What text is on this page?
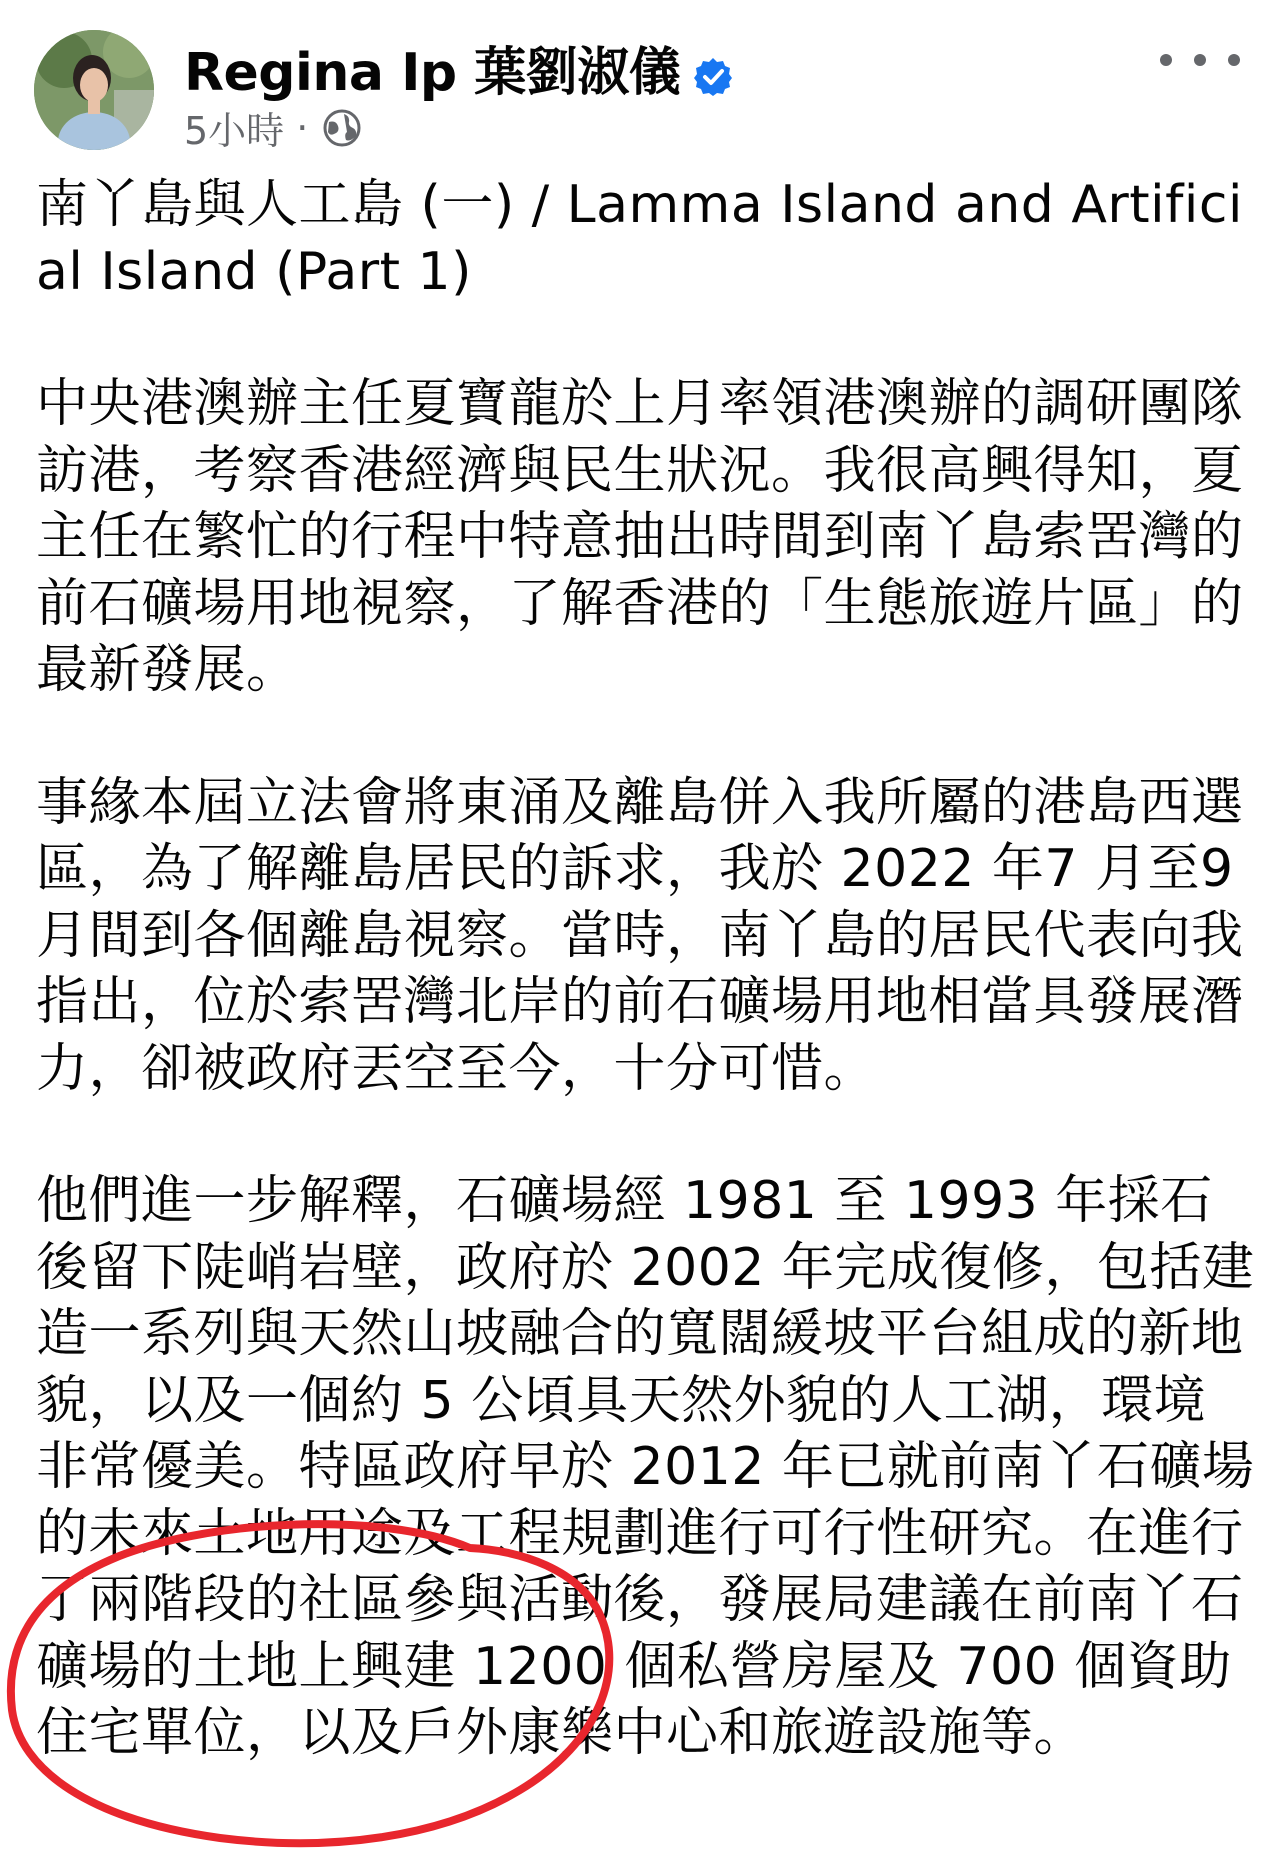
Regina Ip 葉劉淑儀
5小時 ·

南丫島與人工島 (一) / Lamma Island and Artificial Island (Part 1)

中央港澳辦主任夏寶龍於上月率領港澳辦的調研團隊訪港，考察香港經濟與民生狀況。我很高興得知，夏主任在繁忙的行程中特意抽出時間到南丫島索罟灣的前石礦場用地視察，了解香港的「生態旅遊片區」的最新發展。

事緣本屆立法會將東涌及離島併入我所屬的港島西選區，為了解離島居民的訴求，我於 2022 年7 月至9 月間到各個離島視察。當時，南丫島的居民代表向我指出，位於索罟灣北岸的前石礦場用地相當具發展潛力，卻被政府丟空至今，十分可惜。

他們進一步解釋，石礦場經 1981 至 1993 年採石後留下陡峭岩壁，政府於 2002 年完成復修，包括建造一系列與天然山坡融合的寬闊緩坡平台組成的新地貌，以及一個約 5 公頃具天然外貌的人工湖，環境非常優美。特區政府早於 2012 年已就前南丫石礦場的未來土地用途及工程規劃進行可行性研究。在進行了兩階段的社區參與活動後，發展局建議在前南丫石礦場的土地上興建 1200 個私營房屋及 700 個資助住宅單位，以及戶外康樂中心和旅遊設施等。
